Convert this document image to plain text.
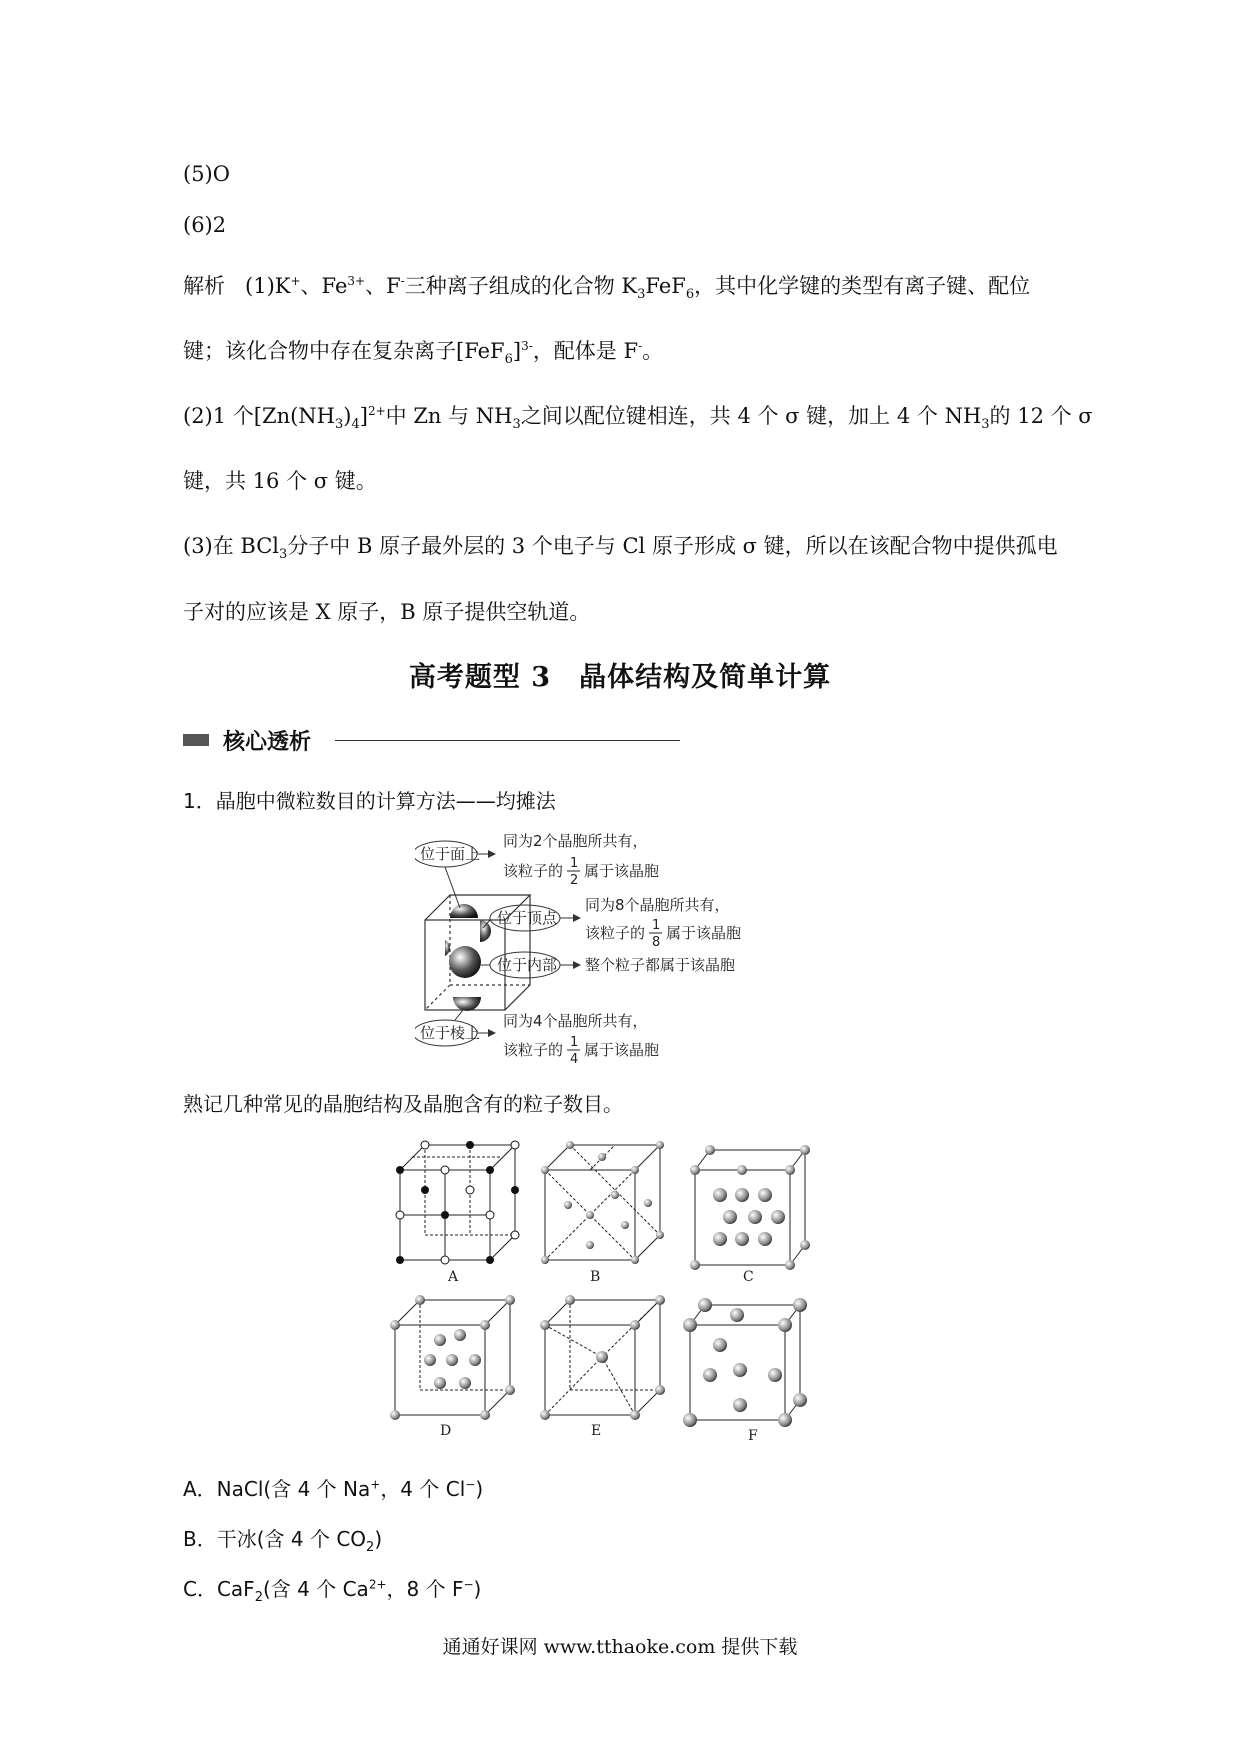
(5)O
(6)2
解析 (1)K+、$Fe^{3+}$、F-三种离子组成的化合物 $K_3FeF_6$，其中化学键的类型有离子键、配位
键；该化合物中存在复杂离子$[FeF_6]^{3-}$，配体是 F-。
(2)1 个$[Zn(NH_3)_4]^{2+}$中 Zn 与 $NH_3$之间以配位键相连，共 4 个 σ 键，加上 4 个 $NH_3$的 12 个 σ
键，共 16 个 σ 键。
(3)在 BCl$_3$分子中 B 原子最外层的 3 个电子与 Cl 原子形成 σ 键，所以在该配合物中提供孤电
子对的应该是 X 原子，B 原子提供空轨道。
高考题型 3　晶体结构及简单计算
核心透析
1．晶胞中微粒数目的计算方法——均摊法
位于面上
同为2个晶胞所共有，
该粒子的 1
2
属于该晶胞
位于顶点
同为8个晶胞所共有，
该粒子的 1
8
属于该晶胞
位于内部 整个粒子都属于该晶胞
位于棱上
同为4个晶胞所共有，
该粒子的 1
4
属于该晶胞
熟记几种常见的晶胞结构及晶胞含有的粒子数目。
A	B	C
D	E	F
A．NaCl(含 4 个 Na+，4 个 Cl−)
B．干冰(含 4 个 $CO_2$)
C．CaF$_2$(含 4 个 $Ca^{2+}$，8 个 F−)
通通好课网 www.tthaoke.com 提供下载
